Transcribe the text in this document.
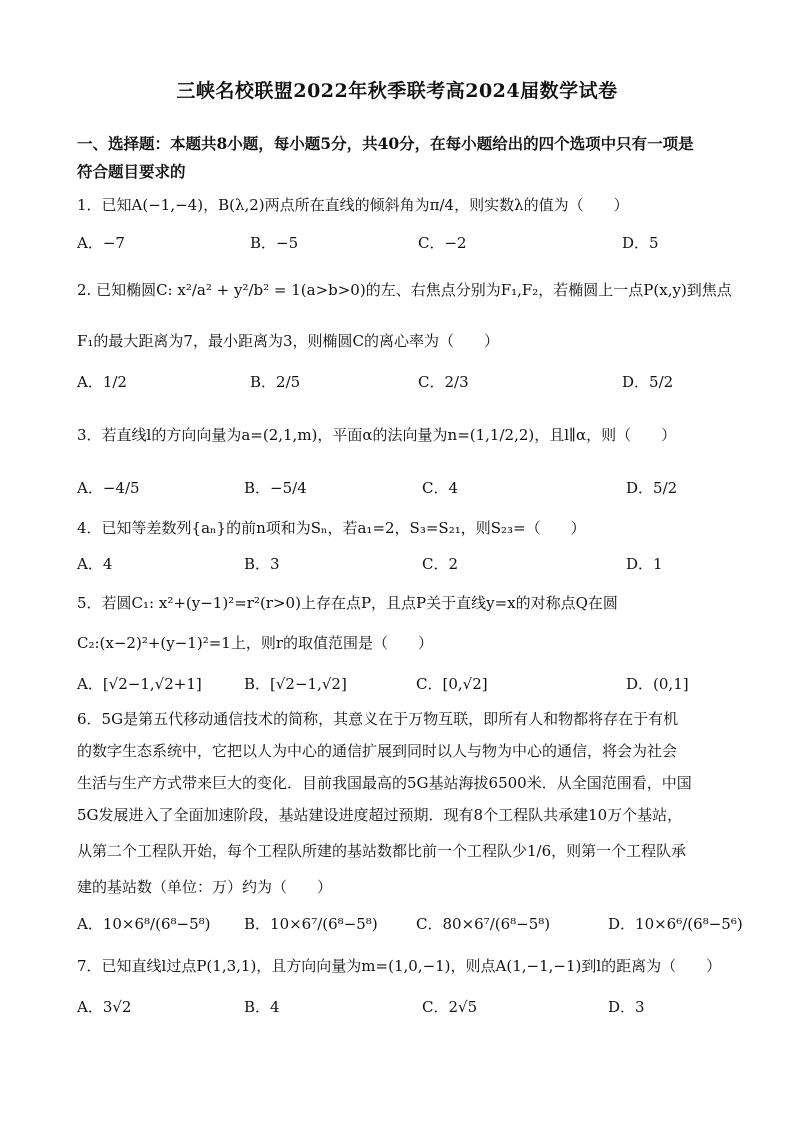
三峡名校联盟2022年秋季联考高2024届数学试卷
一、选择题：本题共8小题，每小题5分，共40分，在每小题给出的四个选项中只有一项是
符合题目要求的
1．已知A(−1,−4)，B(λ,2)两点所在直线的倾斜角为π/4，则实数λ的值为（　　）
A．−7	B．−5	C．−2	D．5
2. 已知椭圆C: x²/a² + y²/b² = 1(a>b>0)的左、右焦点分别为F₁,F₂，若椭圆上一点P(x,y)到焦点
F₁的最大距离为7，最小距离为3，则椭圆C的离心率为（　　）
A．1/2	B．2/5	C．2/3	D．5/2
3．若直线l的方向向量为a=(2,1,m)，平面α的法向量为n=(1,1/2,2)，且l∥α，则（　　）
A．−4/5	B．−5/4	C．4	D．5/2
4．已知等差数列{aₙ}的前n项和为Sₙ，若a₁=2，S₃=S₂₁，则S₂₃=（　　）
A．4	B．3	C．2	D．1
5．若圆C₁: x²+(y−1)²=r²(r>0)上存在点P，且点P关于直线y=x的对称点Q在圆
C₂:(x−2)²+(y−1)²=1上，则r的取值范围是（　　）
A．[√2−1,√2+1]	B．[√2−1,√2]	C．[0,√2]	D．(0,1]
6．5G是第五代移动通信技术的简称，其意义在于万物互联，即所有人和物都将存在于有机
的数字生态系统中，它把以人为中心的通信扩展到同时以人与物为中心的通信，将会为社会
生活与生产方式带来巨大的变化．目前我国最高的5G基站海拔6500米．从全国范围看，中国
5G发展进入了全面加速阶段，基站建设进度超过预期．现有8个工程队共承建10万个基站，
从第二个工程队开始，每个工程队所建的基站数都比前一个工程队少1/6，则第一个工程队承
建的基站数（单位：万）约为（　　）
A．10×6⁸/(6⁸−5⁸) B．10×6⁷/(6⁸−5⁸)	C．80×6⁷/(6⁸−5⁸)	D．10×6⁶/(6⁸−5⁶)
7．已知直线l过点P(1,3,1)，且方向向量为m=(1,0,−1)，则点A(1,−1,−1)到l的距离为（　　）
A．3√2	B．4	C．2√5	D．3
